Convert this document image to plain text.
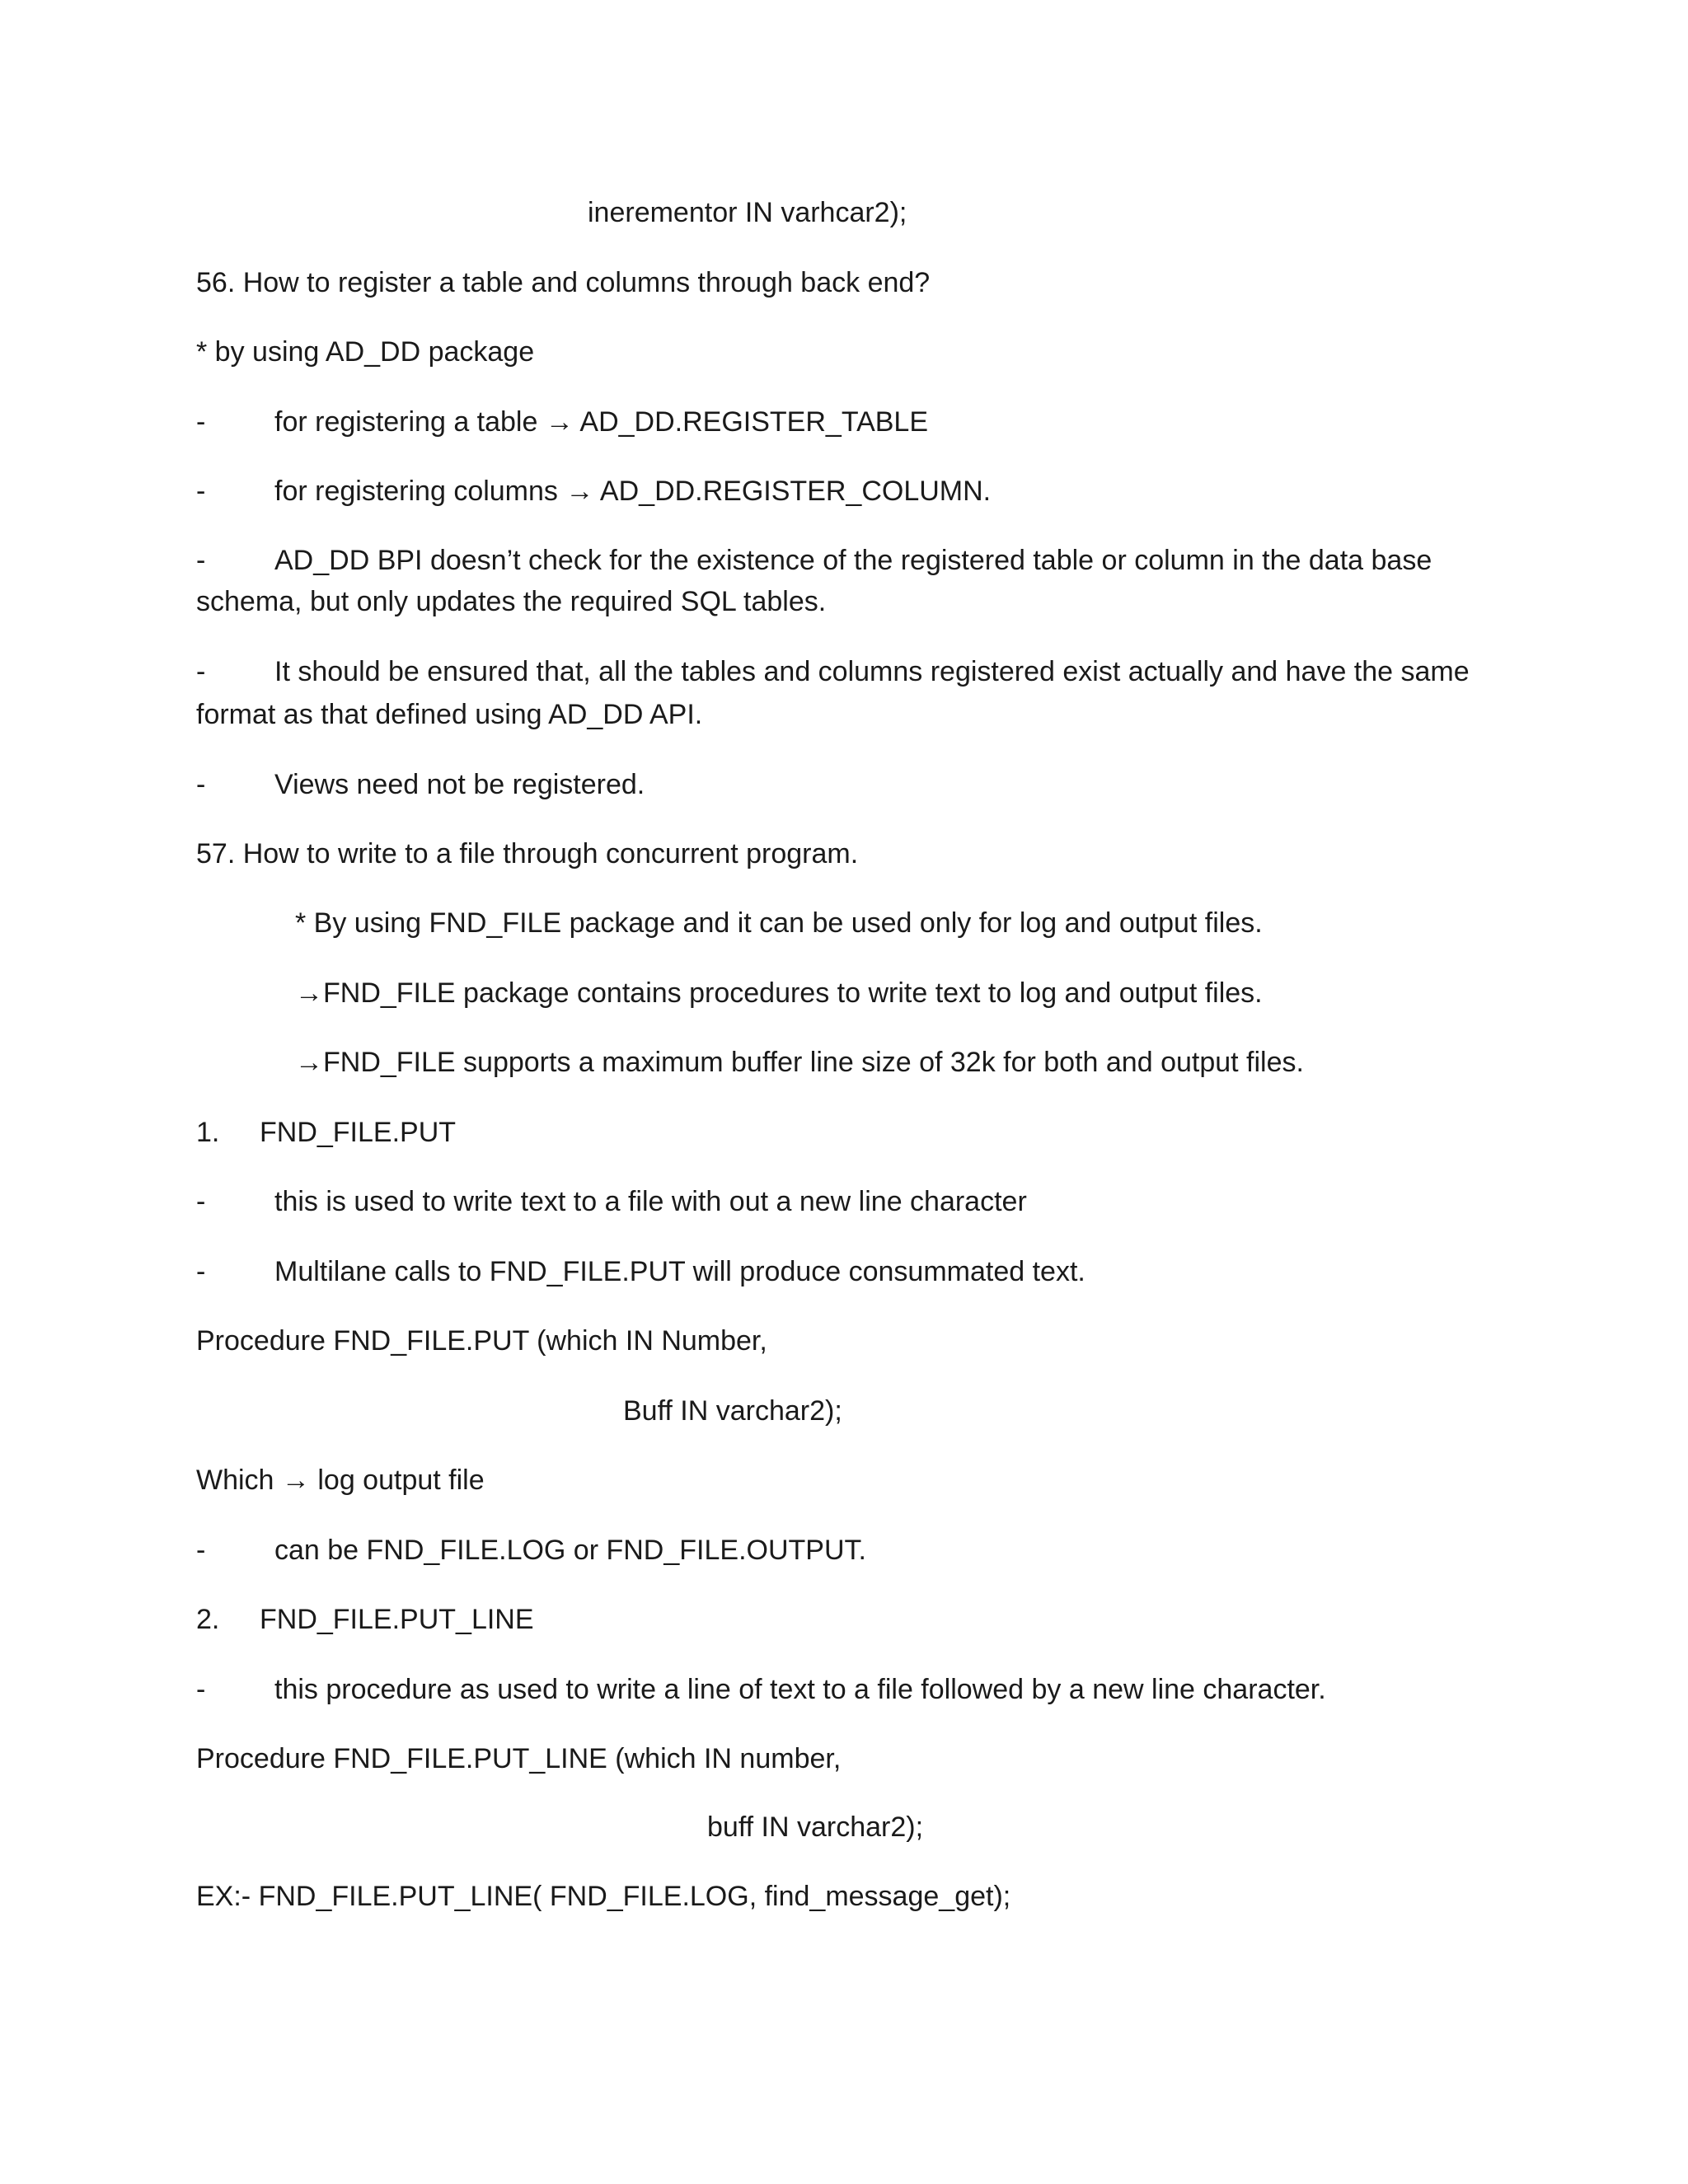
inerementor IN varhcar2);
56. How to register a table and columns through back end?
* by using AD_DD package
- for registering a table → AD_DD.REGISTER_TABLE
- for registering columns → AD_DD.REGISTER_COLUMN.
- AD_DD BPI doesn’t check for the existence of the registered table or column in the data base
schema, but only updates the required SQL tables.
- It should be ensured that, all the tables and columns registered exist actually and have the same
format as that defined using AD_DD API.
- Views need not be registered.
57. How to write to a file through concurrent program.
* By using FND_FILE package and it can be used only for log and output files.
→FND_FILE package contains procedures to write text to log and output files.
→FND_FILE supports a maximum buffer line size of 32k for both and output files.
1. FND_FILE.PUT
- this is used to write text to a file with out a new line character
- Multilane calls to FND_FILE.PUT will produce consummated text.
Procedure FND_FILE.PUT (which IN Number,
Buff IN varchar2);
Which → log output file
- can be FND_FILE.LOG or FND_FILE.OUTPUT.
2. FND_FILE.PUT_LINE
- this procedure as used to write a line of text to a file followed by a new line character.
Procedure FND_FILE.PUT_LINE (which IN number,
buff IN varchar2);
EX:- FND_FILE.PUT_LINE( FND_FILE.LOG, find_message_get);
